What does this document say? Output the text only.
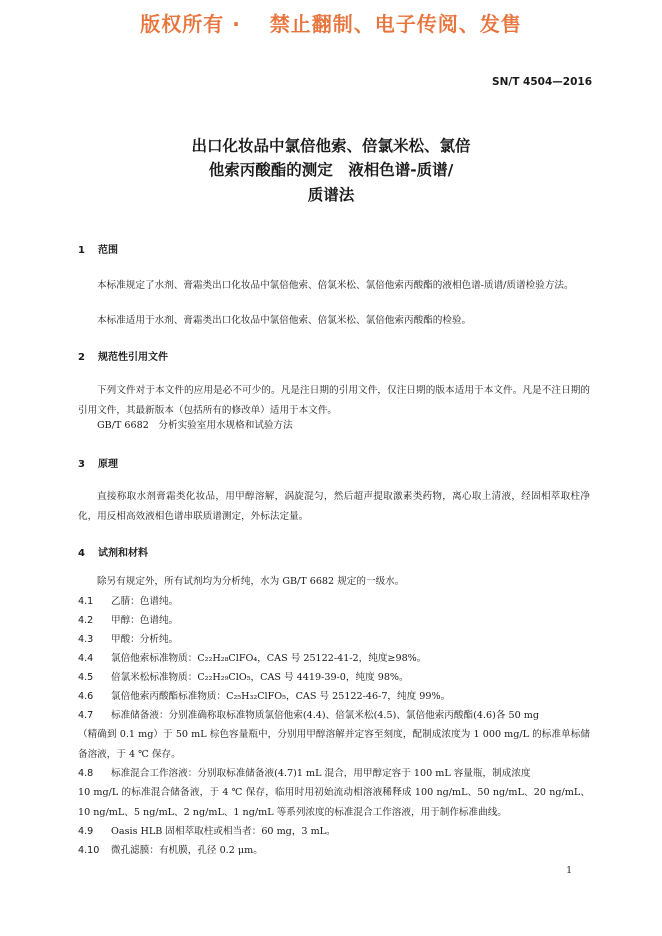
版权所有 ·　 禁止翻制、电子传阅、发售
SN/T 4504—2016
出口化妆品中氯倍他索、倍氯米松、氯倍
他索丙酸酯的测定　液相色谱-质谱/
质谱法
1 范围
本标准规定了水剂、膏霜类出口化妆品中氯倍他索、倍氯米松、氯倍他索丙酸酯的液相色谱-质谱/质谱检验方法。
本标准适用于水剂、膏霜类出口化妆品中氯倍他索、倍氯米松、氯倍他索丙酸酯的检验。
2 规范性引用文件
下列文件对于本文件的应用是必不可少的。凡是注日期的引用文件，仅注日期的版本适用于本文件。凡是不注日期的引用文件，其最新版本（包括所有的修改单）适用于本文件。
GB/T 6682　分析实验室用水规格和试验方法
3 原理
直接称取水剂膏霜类化妆品，用甲醇溶解，涡旋混匀，然后超声提取激素类药物，离心取上清液，经固相萃取柱净化，用反相高效液相色谱串联质谱测定，外标法定量。
4 试剂和材料
除另有规定外，所有试剂均为分析纯，水为 GB/T 6682 规定的一级水。
4.1 乙腈：色谱纯。
4.2 甲醇：色谱纯。
4.3 甲酸：分析纯。
4.4 氯倍他索标准物质：C₂₂H₂₈ClFO₄，CAS 号 25122-41-2，纯度≥98%。
4.5 倍氯米松标准物质：C₂₂H₂₉ClO₅，CAS 号 4419-39-0，纯度 98%。
4.6 氯倍他索丙酸酯标准物质：C₂₅H₃₂ClFO₅，CAS 号 25122-46-7，纯度 99%。
4.7 标准储备液：分别准确称取标准物质氯倍他索(4.4)、倍氯米松(4.5)、氯倍他索丙酸酯(4.6)各 50 mg
（精确到 0.1 mg）于 50 mL 棕色容量瓶中，分别用甲醇溶解并定容至刻度，配制成浓度为 1 000 mg/L 的标准单标储备溶液，于 4 ℃ 保存。
4.8 标准混合工作溶液：分别取标准储备液(4.7)1 mL 混合，用甲醇定容于 100 mL 容量瓶，制成浓度
10 mg/L 的标准混合储备液，于 4 ℃ 保存，临用时用初始流动相溶液稀释成 100 ng/mL、50 ng/mL、20 ng/mL、10 ng/mL、5 ng/mL、2 ng/mL、1 ng/mL 等系列浓度的标准混合工作溶液，用于制作标准曲线。
4.9 Oasis HLB 固相萃取柱或相当者：60 mg，3 mL。
4.10 微孔滤膜：有机膜，孔径 0.2 μm。
1
